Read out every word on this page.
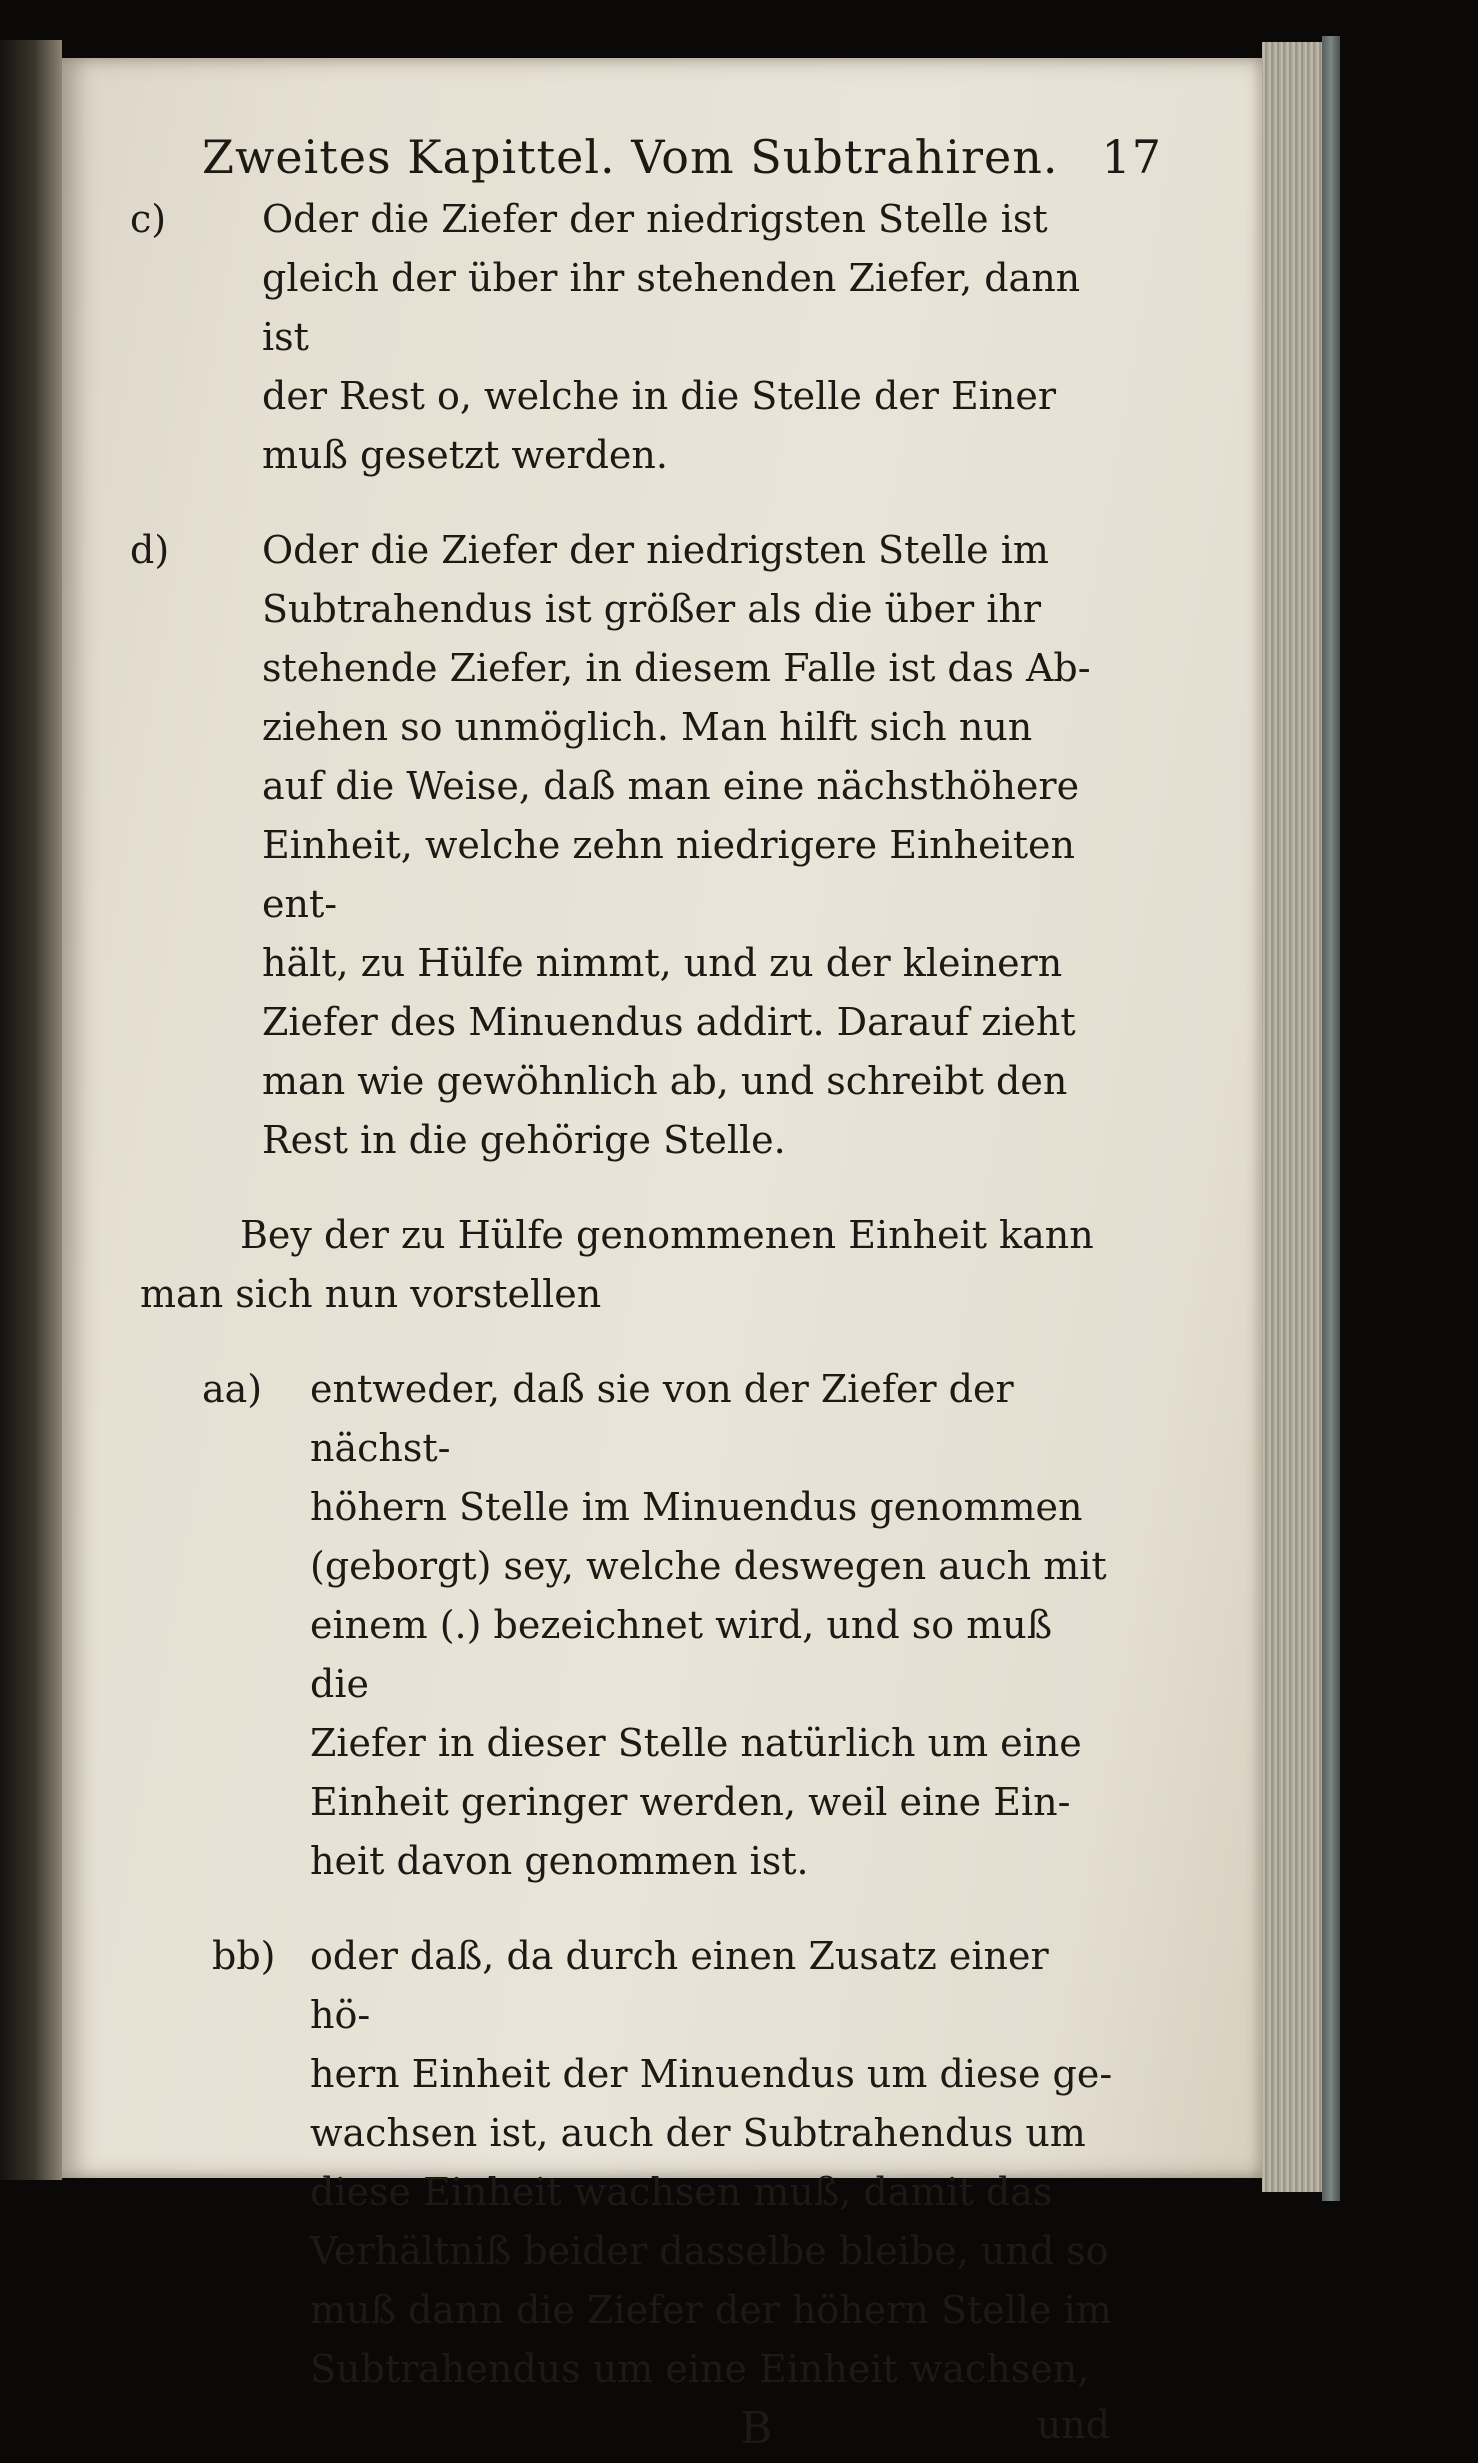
Zweites Kapittel. Vom Subtrahiren. 17
c)	Oder die Ziefer der niedrigsten Stelle ist
gleich der über ihr stehenden Ziefer, dann ist
der Rest o, welche in die Stelle der Einer
muß gesetzt werden.
d) Oder die Ziefer der niedrigsten Stelle im
Subtrahendus ist größer als die über ihr
stehende Ziefer, in diesem Falle ist das Ab-
ziehen so unmöglich. Man hilft sich nun
auf die Weise, daß man eine nächsthöhere
Einheit, welche zehn niedrigere Einheiten ent-
hält, zu Hülfe nimmt, und zu der kleinern
Ziefer des Minuendus addirt. Darauf zieht
man wie gewöhnlich ab, und schreibt den
Rest in die gehörige Stelle.
Bey der zu Hülfe genommenen Einheit kann
man sich nun vorstellen
aa) entweder, daß sie von der Ziefer der nächst-
höhern Stelle im Minuendus genommen
(geborgt) sey, welche deswegen auch mit
einem (.) bezeichnet wird, und so muß die
Ziefer in dieser Stelle natürlich um eine
Einheit geringer werden, weil eine Ein-
heit davon genommen ist.
bb) oder daß, da durch einen Zusatz einer hö-
hern Einheit der Minuendus um diese ge-
wachsen ist, auch der Subtrahendus um
diese Einheit wachsen muß, damit das
Verhältniß beider dasselbe bleibe, und so
muß dann die Ziefer der höhern Stelle im
Subtrahendus um eine Einheit wachsen,
B	und
